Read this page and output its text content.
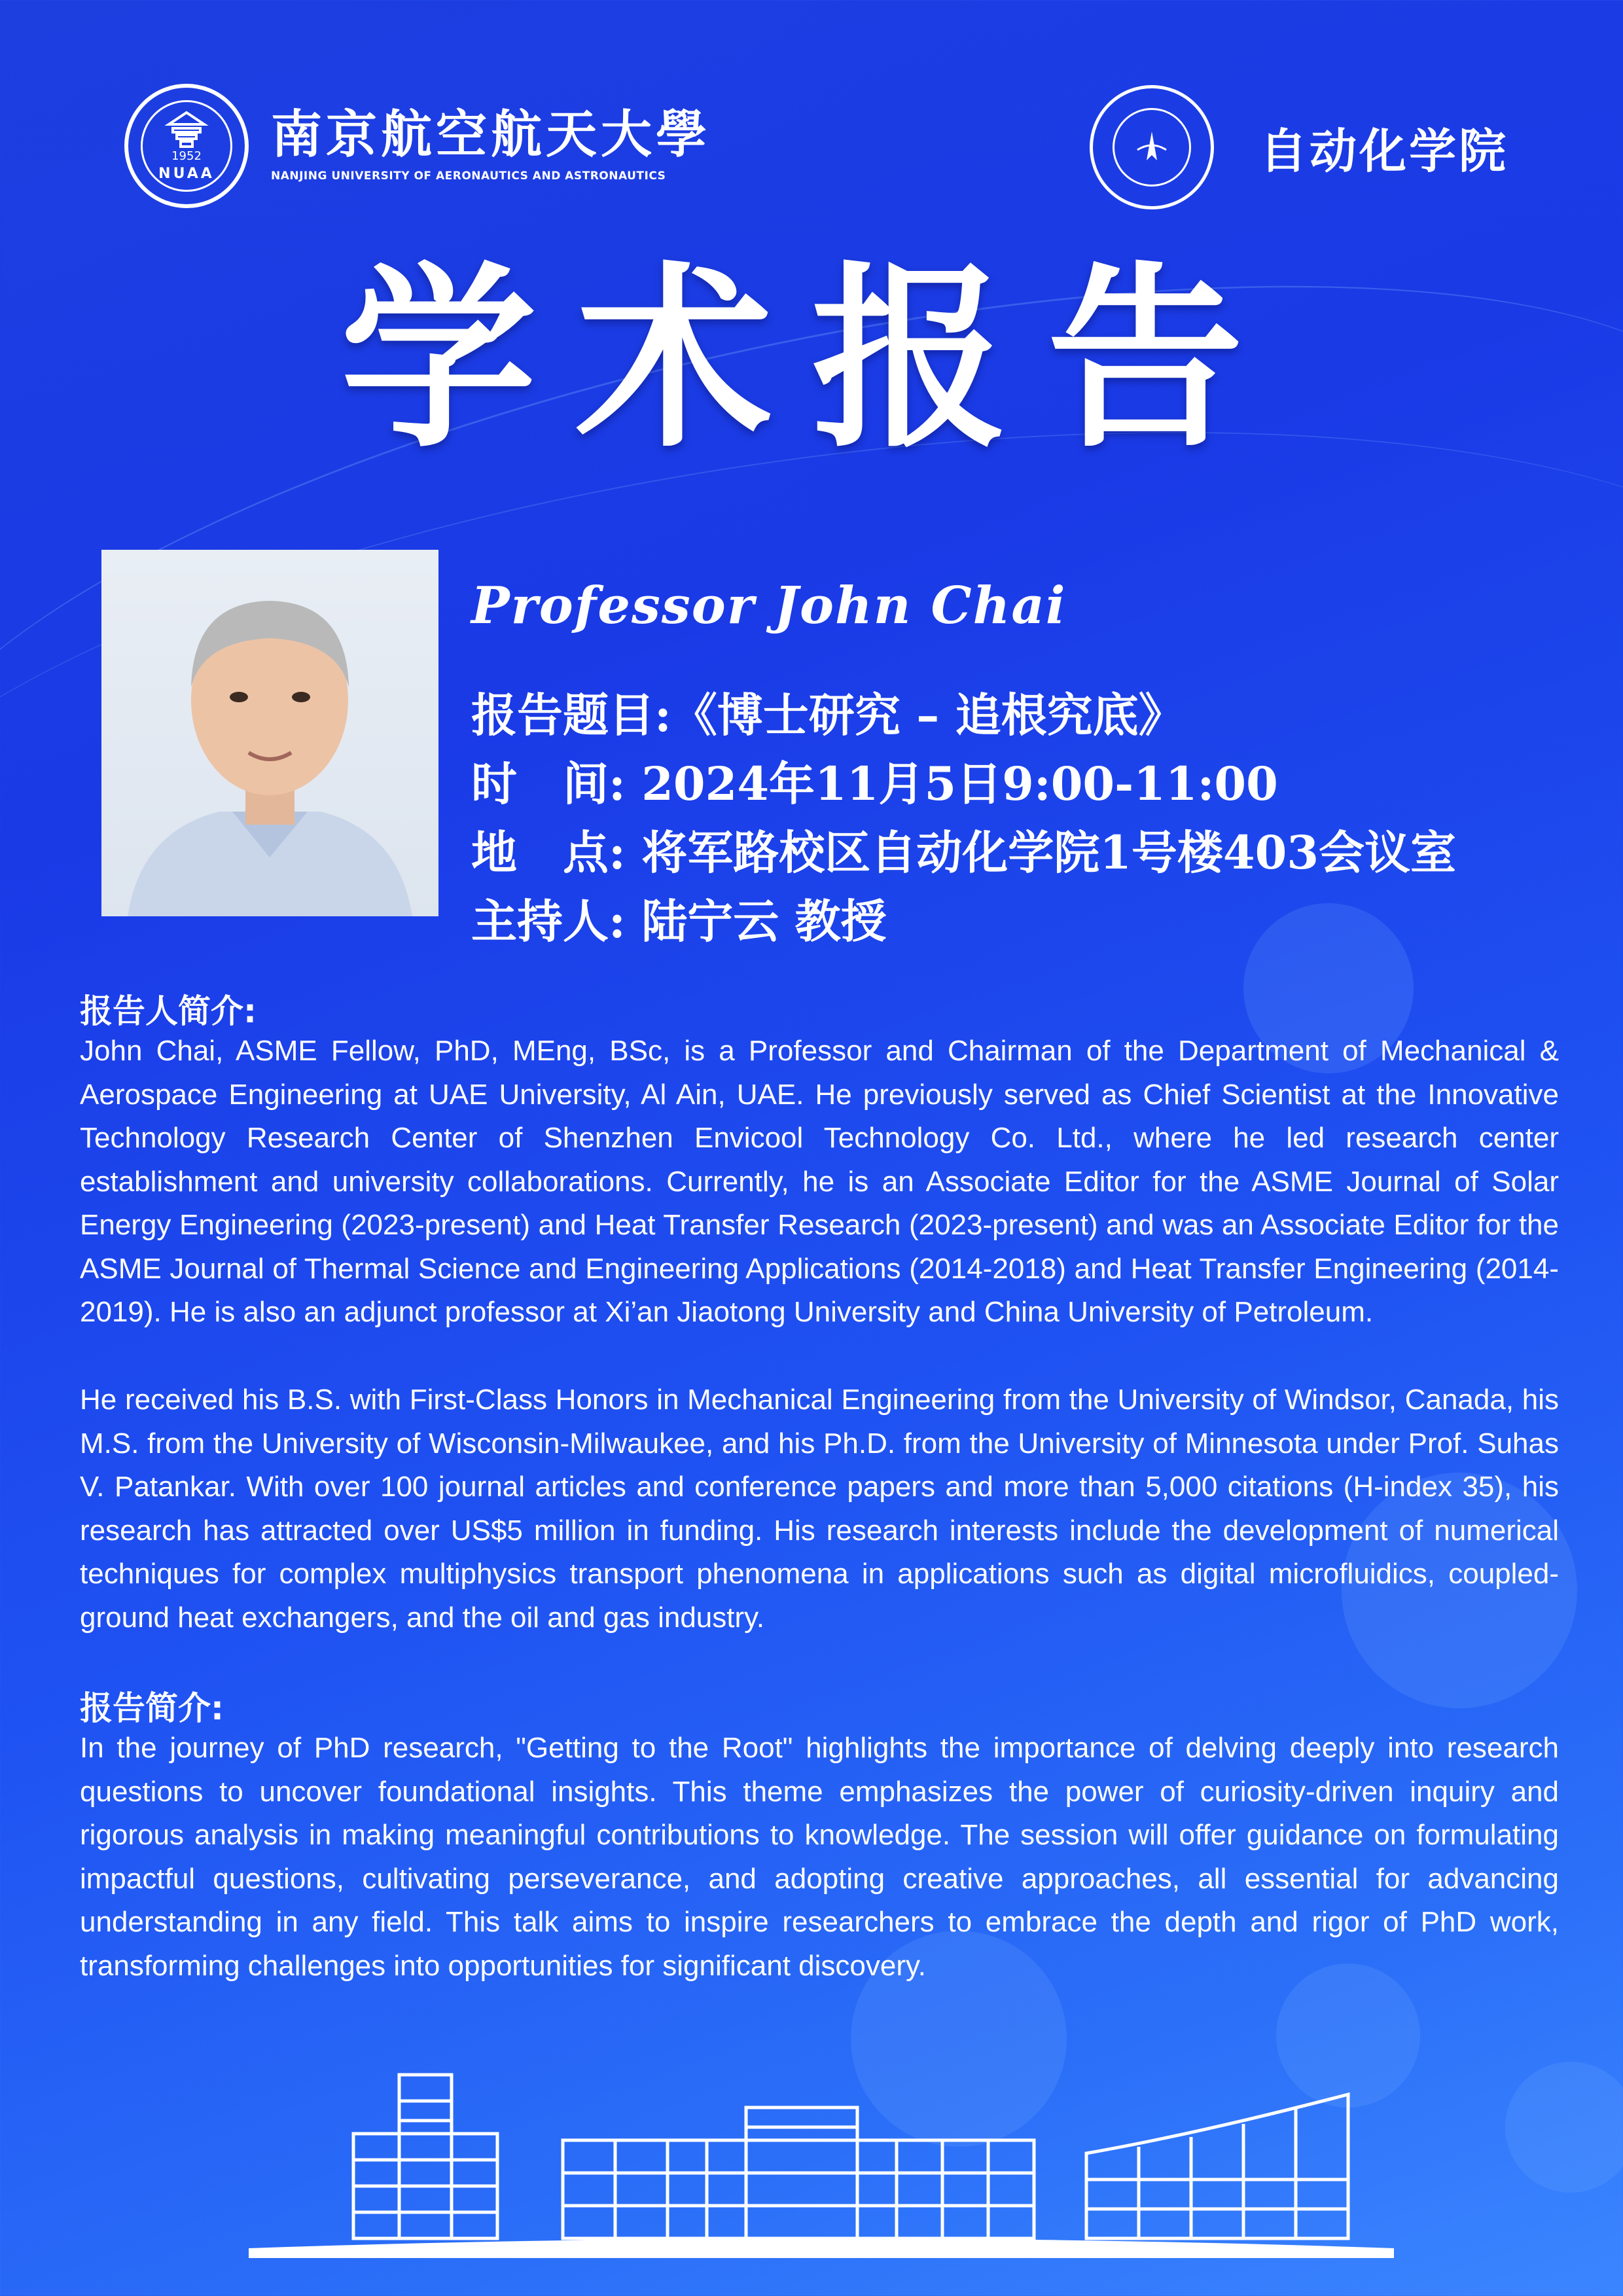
1952
NUAA
南京航空航天大學
NANJING UNIVERSITY OF AERONAUTICS AND ASTRONAUTICS	自动化学院
学术报告
Professor John Chai
报告题目:《博士研究 – 追根究底》
时　间: 2024年11月5日9:00-11:00
地　点: 将军路校区自动化学院1号楼403会议室
主持人: 陆宁云 教授
报告人简介:
John Chai, ASME Fellow, PhD, MEng, BSc, is a Professor and Chairman of the Department of Mechanical & Aerospace Engineering at UAE University, Al Ain, UAE. He previously served as Chief Scientist at the Innovative Technology Research Center of Shenzhen Envicool Technology Co. Ltd., where he led research center establishment and university collaborations. Currently, he is an Associate Editor for the ASME Journal of Solar Energy Engineering (2023-present) and Heat Transfer Research (2023-present) and was an Associate Editor for the ASME Journal of Thermal Science and Engineering Applications (2014-2018) and Heat Transfer Engineering (2014-2019). He is also an adjunct professor at Xi’an Jiaotong University and China University of Petroleum.
He received his B.S. with First-Class Honors in Mechanical Engineering from the University of Windsor, Canada, his M.S. from the University of Wisconsin-Milwaukee, and his Ph.D. from the University of Minnesota under Prof. Suhas V. Patankar. With over 100 journal articles and conference papers and more than 5,000 citations (H-index 35), his research has attracted over US$5 million in funding. His research interests include the development of numerical techniques for complex multiphysics transport phenomena in applications such as digital microfluidics, coupled-ground heat exchangers, and the oil and gas industry.
报告简介:
In the journey of PhD research, "Getting to the Root" highlights the importance of delving deeply into research questions to uncover foundational insights. This theme emphasizes the power of curiosity-driven inquiry and rigorous analysis in making meaningful contributions to knowledge. The session will offer guidance on formulating impactful questions, cultivating perseverance, and adopting creative approaches, all essential for advancing understanding in any field. This talk aims to inspire researchers to embrace the depth and rigor of PhD work, transforming challenges into opportunities for significant discovery.
